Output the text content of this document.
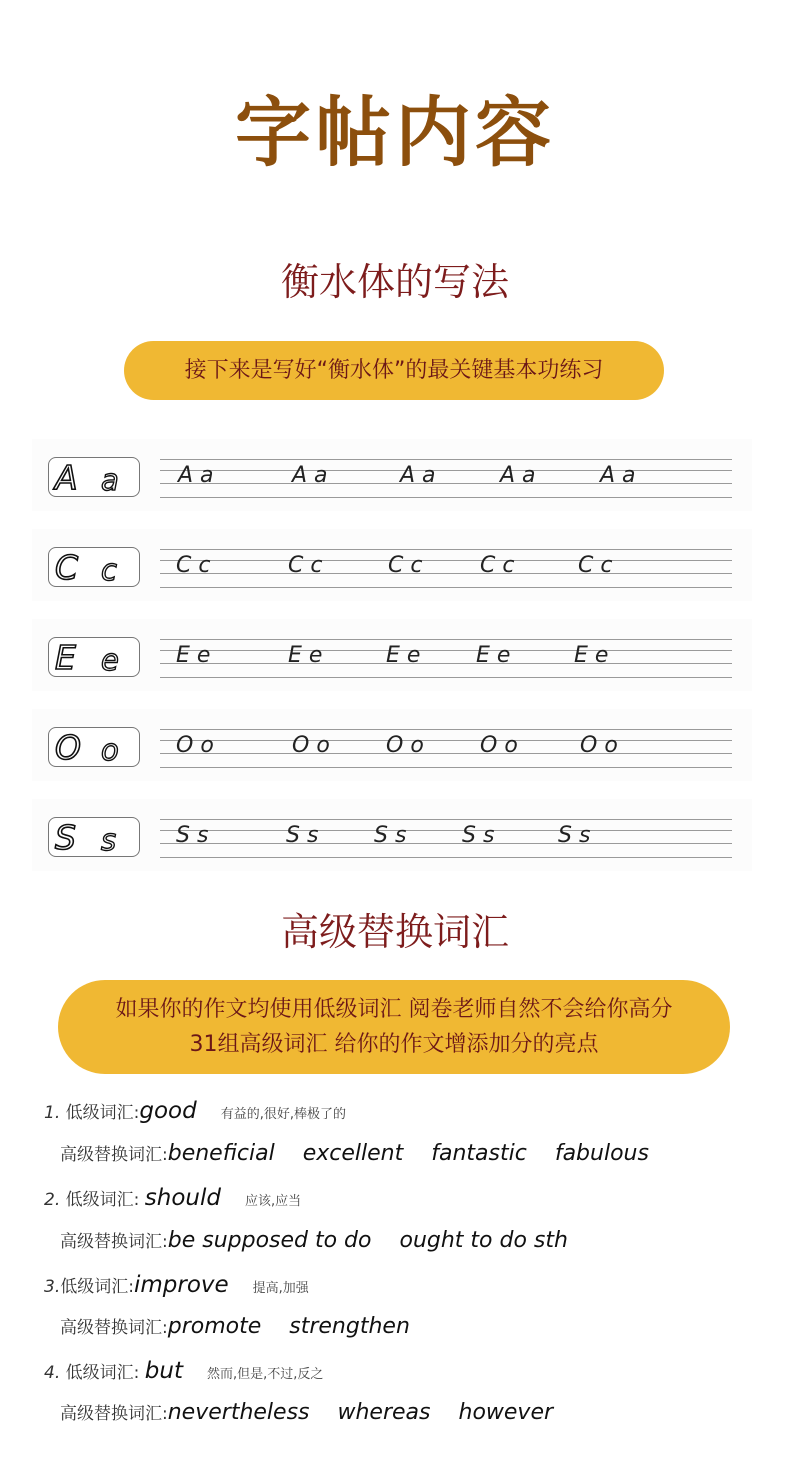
字帖内容
衡水体的写法
接下来是写好“衡水体”的最关键基本功练习
A a	Aa	Aa	Aa	Aa	Aa
C c	Cc	Cc	Cc Cc	Cc
E e	Ee	Ee	Ee Ee	Ee
O o	Oo	Oo Oo Oo	Oo
S s	Ss	Ss Ss Ss	Ss
高级替换词汇
如果你的作文均使用低级词汇 阅卷老师自然不会给你高分
31组高级词汇 给你的作文增添加分的亮点
1. 低级词汇:good 有益的,很好,棒极了的
高级替换词汇:beneficial excellent fantastic fabulous
2. 低级词汇: should 应该,应当
高级替换词汇:be supposed to do ought to do sth
3.低级词汇:improve 提高,加强
高级替换词汇:promote strengthen
4. 低级词汇: but 然而,但是,不过,反之
高级替换词汇:nevertheless whereas however
